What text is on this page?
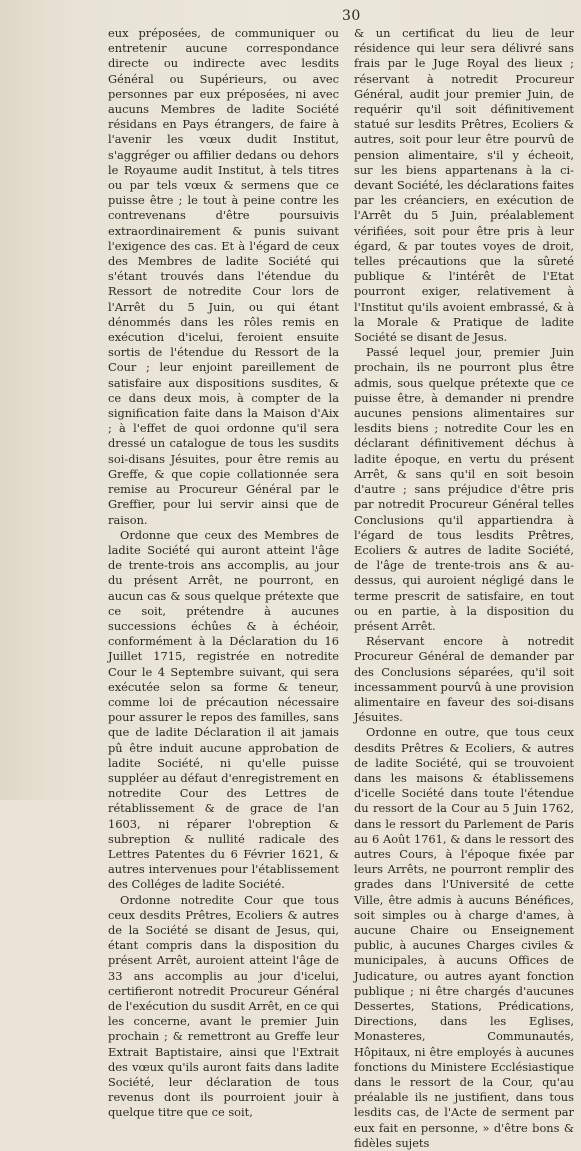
30

eux préposées, de communiquer ou entretenir aucune correspondance directe ou indirecte avec lesdits Général ou Supérieurs, ou avec personnes par eux préposées, ni avec aucuns Membres de ladite Société résidans en Pays étrangers, de faire à l'avenir les vœux dudit Institut, s'aggréger ou affilier dedans ou dehors le Royaume audit Institut, à tels titres ou par tels vœux & sermens que ce puisse être ; le tout à peine contre les contrevenans d'être poursuivis extraordinairement & punis suivant l'exigence des cas. Et à l'égard de ceux des Membres de ladite Société qui s'étant trouvés dans l'étendue du Ressort de notredite Cour lors de l'Arrêt du 5 Juin, ou qui étant dénommés dans les rôles remis en exécution d'icelui, feroient ensuite sortis de l'étendue du Ressort de la Cour ; leur enjoint pareillement de satisfaire aux dispositions susdites, & ce dans deux mois, à compter de la signification faite dans la Maison d'Aix ; à l'effet de quoi ordonne qu'il sera dressé un catalogue de tous les susdits soi-disans Jésuites, pour être remis au Greffe, & que copie collationnée sera remise au Procureur Général par le Greffier, pour lui servir ainsi que de raison.

Ordonne que ceux des Membres de ladite Société qui auront atteint l'âge de trente-trois ans accomplis, au jour du présent Arrêt, ne pourront, en aucun cas & sous quelque prétexte que ce soit, prétendre à aucunes successions échûes & à échéoir, conformément à la Déclaration du 16 Juillet 1715, registrée en notredite Cour le 4 Septembre suivant, qui sera exécutée selon sa forme & teneur, comme loi de précaution nécessaire pour assurer le repos des familles, sans que de ladite Déclaration il ait jamais pû être induit aucune approbation de ladite Société, ni qu'elle puisse suppléer au défaut d'enregistrement en notredite Cour des Lettres de rétablissement & de grace de l'an 1603, ni réparer l'obreption & subreption & nullité radicale des Lettres Patentes du 6 Février 1621, & autres intervenues pour l'établissement des Colléges de ladite Société.

Ordonne notredite Cour que tous ceux desdits Prêtres, Ecoliers & autres de la Société se disant de Jesus, qui, étant compris dans la disposition du présent Arrêt, auroient atteint l'âge de 33 ans accomplis au jour d'icelui, certifieront notredit Procureur Général de l'exécution du susdit Arrêt, en ce qui les concerne, avant le premier Juin prochain ; & remettront au Greffe leur Extrait Baptistaire, ainsi que l'Extrait des vœux qu'ils auront faits dans ladite Société, leur déclaration de tous revenus dont ils pourroient jouir à quelque titre que ce soit,

& un certificat du lieu de leur résidence qui leur sera délivré sans frais par le Juge Royal des lieux ; réservant à notredit Procureur Général, audit jour premier Juin, de requérir qu'il soit définitivement statué sur lesdits Prêtres, Ecoliers & autres, soit pour leur être pourvû de pension alimentaire, s'il y écheoit, sur les biens appartenans à la ci-devant Société, les déclarations faites par les créanciers, en exécution de l'Arrêt du 5 Juin, préalablement vérifiées, soit pour être pris à leur égard, & par toutes voyes de droit, telles précautions que la sûreté publique & l'intérêt de l'Etat pourront exiger, relativement à l'Institut qu'ils avoient embrassé, & à la Morale & Pratique de ladite Société se disant de Jesus.

Passé lequel jour, premier Juin prochain, ils ne pourront plus être admis, sous quelque prétexte que ce puisse être, à demander ni prendre aucunes pensions alimentaires sur lesdits biens ; notredite Cour les en déclarant définitivement déchus à ladite époque, en vertu du présent Arrêt, & sans qu'il en soit besoin d'autre ; sans préjudice d'être pris par notredit Procureur Général telles Conclusions qu'il appartiendra à l'égard de tous lesdits Prêtres, Ecoliers & autres de ladite Société, de l'âge de trente-trois ans & au-dessus, qui auroient négligé dans le terme prescrit de satisfaire, en tout ou en partie, à la disposition du présent Arrêt.

Réservant encore à notredit Procureur Général de demander par des Conclusions séparées, qu'il soit incessamment pourvû à une provision alimentaire en faveur des soi-disans Jésuites.

Ordonne en outre, que tous ceux desdits Prêtres & Ecoliers, & autres de ladite Société, qui se trouvoient dans les maisons & établissemens d'icelle Société dans toute l'étendue du ressort de la Cour au 5 Juin 1762, dans le ressort du Parlement de Paris au 6 Août 1761, & dans le ressort des autres Cours, à l'époque fixée par leurs Arrêts, ne pourront remplir des grades dans l'Université de cette Ville, être admis à aucuns Bénéfices, soit simples ou à charge d'ames, à aucune Chaire ou Enseignement public, à aucunes Charges civiles & municipales, à aucuns Offices de Judicature, ou autres ayant fonction publique ; ni être chargés d'aucunes Dessertes, Stations, Prédications, Directions, dans les Eglises, Monasteres, Communautés, Hôpitaux, ni être employés à aucunes fonctions du Ministere Ecclésiastique dans le ressort de la Cour, qu'au préalable ils ne justifient, dans tous lesdits cas, de l'Acte de serment par eux fait en personne, » d'être bons & fidèles sujets
